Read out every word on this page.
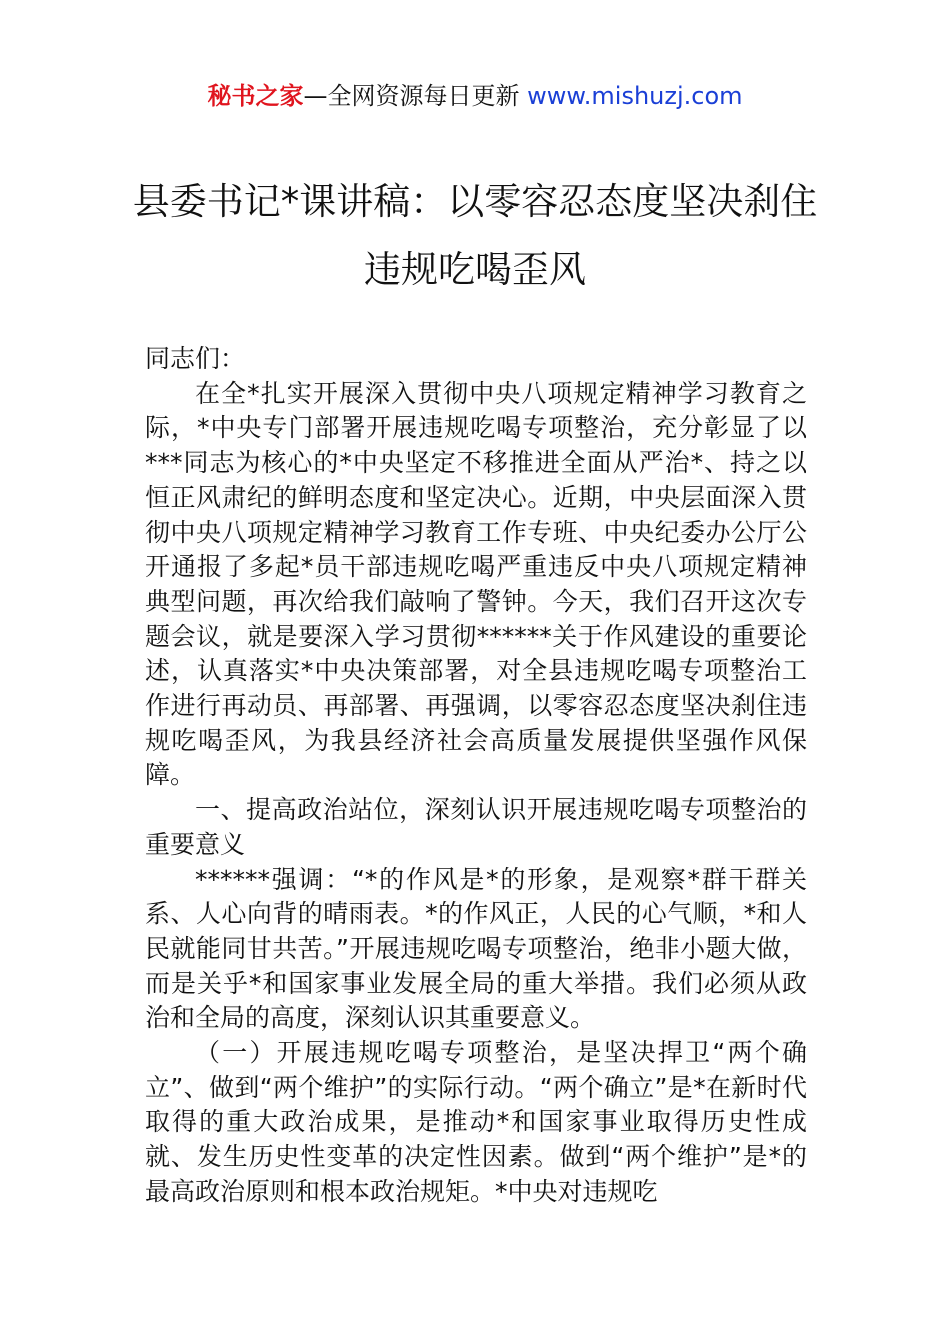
秘书之家—全网资源每日更新 www.mishuzj.com
县委书记*课讲稿：以零容忍态度坚决刹住违规吃喝歪风

同志们：

在全*扎实开展深入贯彻中央八项规定精神学习教育之际，*中央专门部署开展违规吃喝专项整治，充分彰显了以***同志为核心的*中央坚定不移推进全面从严治*、持之以恒正风肃纪的鲜明态度和坚定决心。近期，中央层面深入贯彻中央八项规定精神学习教育工作专班、中央纪委办公厅公开通报了多起*员干部违规吃喝严重违反中央八项规定精神典型问题，再次给我们敲响了警钟。今天，我们召开这次专题会议，就是要深入学习贯彻******关于作风建设的重要论述，认真落实*中央决策部署，对全县违规吃喝专项整治工作进行再动员、再部署、再强调，以零容忍态度坚决刹住违规吃喝歪风，为我县经济社会高质量发展提供坚强作风保障。

一、提高政治站位，深刻认识开展违规吃喝专项整治的重要意义

******强调：“*的作风是*的形象，是观察*群干群关系、人心向背的晴雨表。*的作风正，人民的心气顺，*和人民就能同甘共苦。”开展违规吃喝专项整治，绝非小题大做，而是关乎*和国家事业发展全局的重大举措。我们必须从政治和全局的高度，深刻认识其重要意义。

（一）开展违规吃喝专项整治，是坚决捍卫“两个确立”、做到“两个维护”的实际行动。“两个确立”是*在新时代取得的重大政治成果，是推动*和国家事业取得历史性成就、发生历史性变革的决定性因素。做到“两个维护”是*的最高政治原则和根本政治规矩。*中央对违规吃
